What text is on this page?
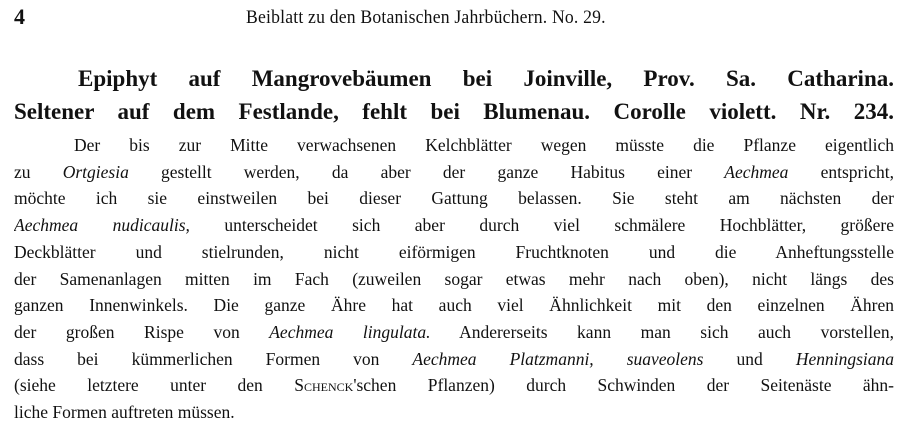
4	Beiblatt zu den Botanischen Jahrbüchern. No. 29.
Epiphyt auf Mangrovebäumen bei Joinville, Prov. Sa. Catharina.
Seltener auf dem Festlande, fehlt bei Blumenau. Corolle violett. Nr. 234.
Der bis zur Mitte verwachsenen Kelchblätter wegen müsste die Pflanze eigentlich
zu Ortgiesia gestellt werden, da aber der ganze Habitus einer Aechmea entspricht,
möchte ich sie einstweilen bei dieser Gattung belassen. Sie steht am nächsten der
Aechmea nudicaulis, unterscheidet sich aber durch viel schmälere Hochblätter, größere
Deckblätter und stielrunden, nicht eiförmigen Fruchtknoten und die Anheftungsstelle
der Samenanlagen mitten im Fach (zuweilen sogar etwas mehr nach oben), nicht längs des
ganzen Innenwinkels. Die ganze Ähre hat auch viel Ähnlichkeit mit den einzelnen Ähren
der großen Rispe von Aechmea lingulata. Andererseits kann man sich auch vorstellen,
dass bei kümmerlichen Formen von Aechmea Platzmanni, suaveolens und Henningsiana
(siehe letztere unter den Schenck'schen Pflanzen) durch Schwinden der Seitenäste ähn-
liche Formen auftreten müssen.
